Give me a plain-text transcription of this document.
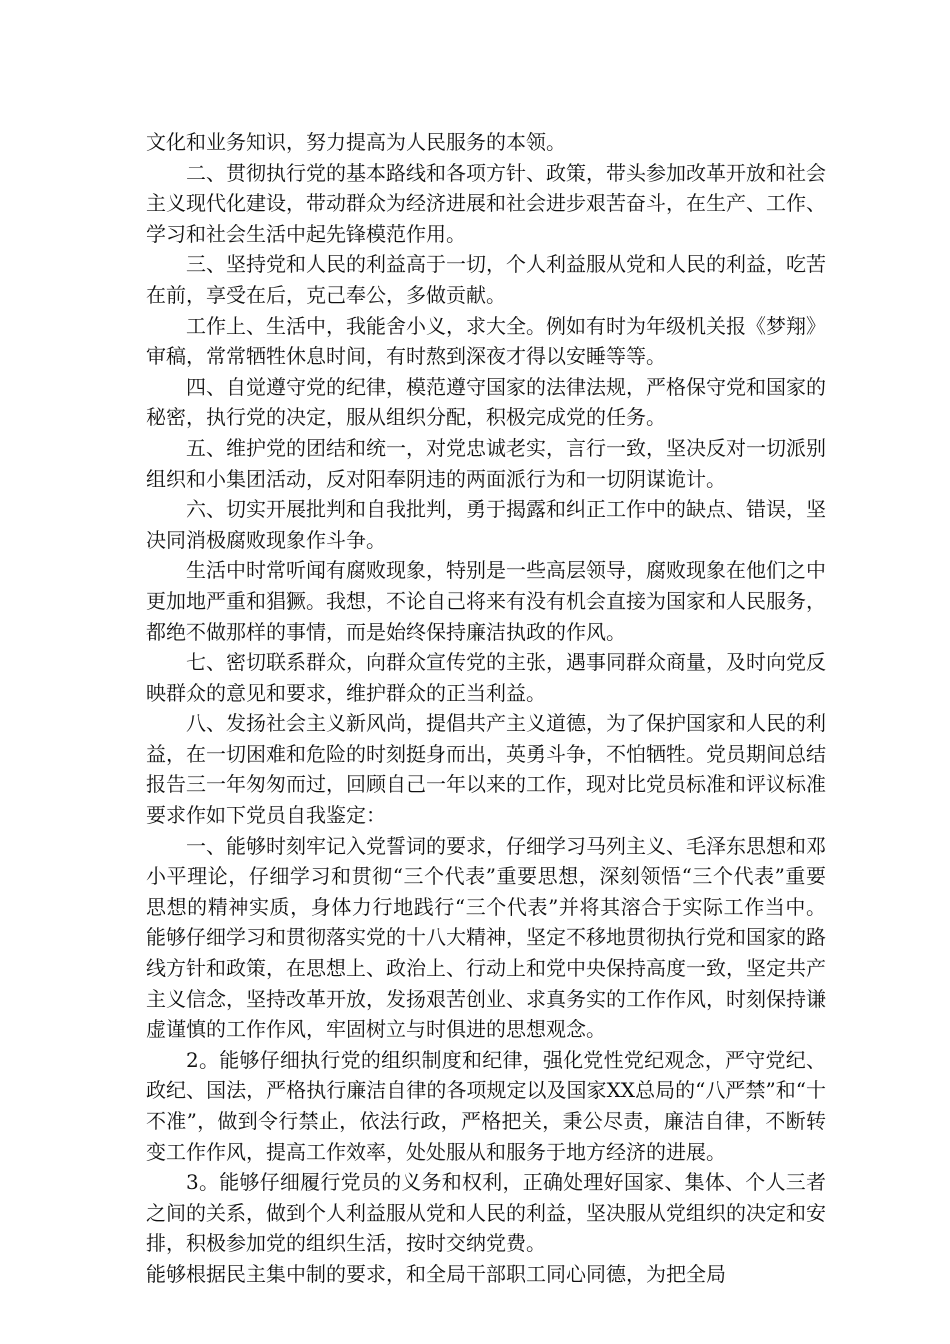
文化和业务知识，努力提高为人民服务的本领。

二、贯彻执行党的基本路线和各项方针、政策，带头参加改革开放和社会主义现代化建设，带动群众为经济进展和社会进步艰苦奋斗，在生产、工作、学习和社会生活中起先锋模范作用。

三、坚持党和人民的利益高于一切，个人利益服从党和人民的利益，吃苦在前，享受在后，克己奉公，多做贡献。

工作上、生活中，我能舍小义，求大全。例如有时为年级机关报《梦翔》审稿，常常牺牲休息时间，有时熬到深夜才得以安睡等等。

四、自觉遵守党的纪律，模范遵守国家的法律法规，严格保守党和国家的秘密，执行党的决定，服从组织分配，积极完成党的任务。

五、维护党的团结和统一，对党忠诚老实，言行一致，坚决反对一切派别组织和小集团活动，反对阳奉阴违的两面派行为和一切阴谋诡计。

六、切实开展批判和自我批判，勇于揭露和纠正工作中的缺点、错误，坚决同消极腐败现象作斗争。

生活中时常听闻有腐败现象，特别是一些高层领导，腐败现象在他们之中更加地严重和猖獗。我想，不论自己将来有没有机会直接为国家和人民服务，都绝不做那样的事情，而是始终保持廉洁执政的作风。

七、密切联系群众，向群众宣传党的主张，遇事同群众商量，及时向党反映群众的意见和要求，维护群众的正当利益。

八、发扬社会主义新风尚，提倡共产主义道德，为了保护国家和人民的利益，在一切困难和危险的时刻挺身而出，英勇斗争，不怕牺牲。党员期间总结报告三一年匆匆而过，回顾自己一年以来的工作，现对比党员标准和评议标准要求作如下党员自我鉴定：

一、能够时刻牢记入党誓词的要求，仔细学习马列主义、毛泽东思想和邓小平理论，仔细学习和贯彻“三个代表”重要思想，深刻领悟“三个代表”重要思想的精神实质，身体力行地践行“三个代表”并将其溶合于实际工作当中。能够仔细学习和贯彻落实党的十八大精神，坚定不移地贯彻执行党和国家的路线方针和政策，在思想上、政治上、行动上和党中央保持高度一致，坚定共产主义信念，坚持改革开放，发扬艰苦创业、求真务实的工作作风，时刻保持谦虚谨慎的工作作风，牢固树立与时俱进的思想观念。

2。能够仔细执行党的组织制度和纪律，强化党性党纪观念，严守党纪、政纪、国法，严格执行廉洁自律的各项规定以及国家XX总局的“八严禁”和“十不准”，做到令行禁止，依法行政，严格把关，秉公尽责，廉洁自律，不断转变工作作风，提高工作效率，处处服从和服务于地方经济的进展。

3。能够仔细履行党员的义务和权利，正确处理好国家、集体、个人三者之间的关系，做到个人利益服从党和人民的利益，坚决服从党组织的决定和安排，积极参加党的组织生活，按时交纳党费。

能够根据民主集中制的要求，和全局干部职工同心同德，为把全局
